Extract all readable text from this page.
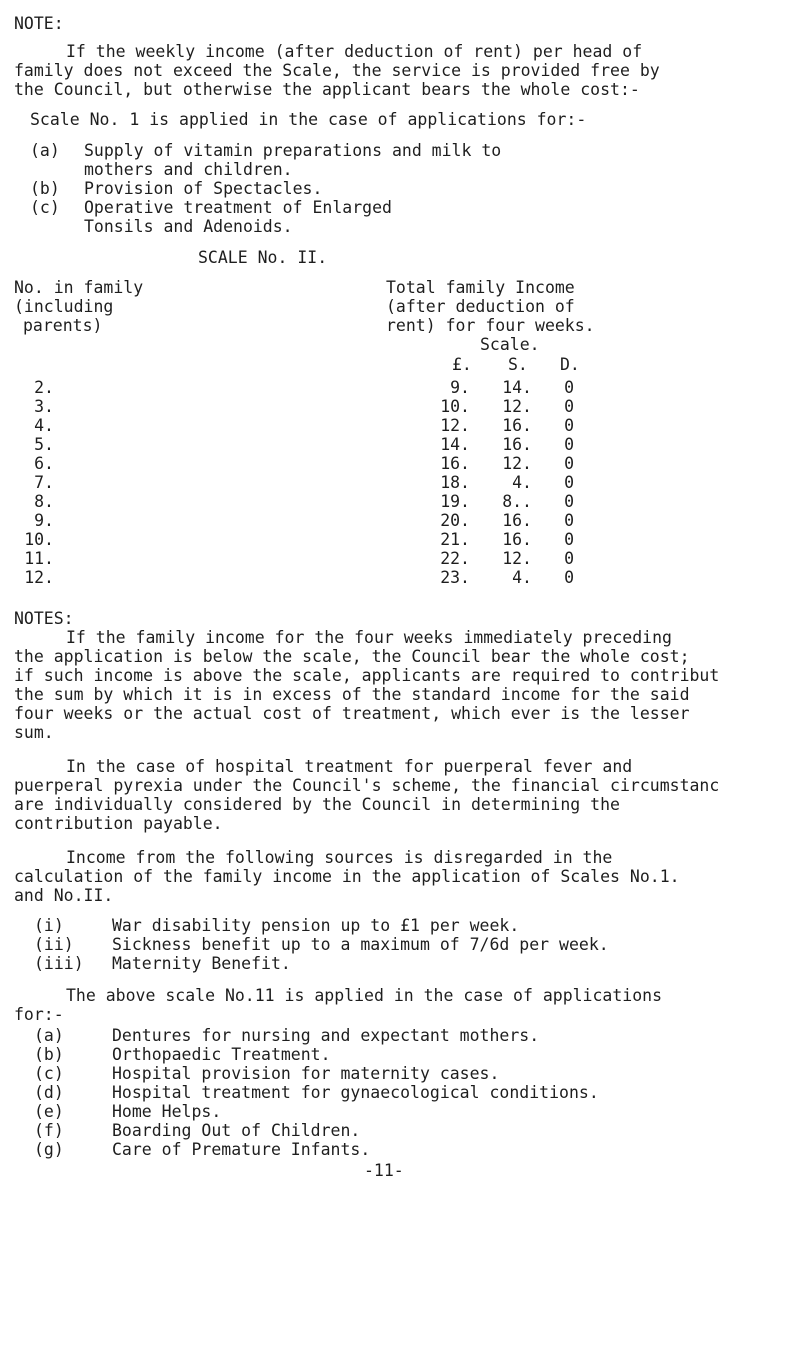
NOTE:
If the weekly income (after deduction of rent) per head of
family does not exceed the Scale, the service is provided free by
the Council, but otherwise the applicant bears the whole cost:-
Scale No. 1 is applied in the case of applications for:-
(a) Supply of vitamin preparations and milk to
mothers and children.
(b) Provision of Spectacles.
(c) Operative treatment of Enlarged
Tonsils and Adenoids.
SCALE No. II.
No. in family
(including
parents)
Total family Income
(after deduction of
rent) for four weeks.
Scale.
£. S. D.
2.	9.	14.	0
3.	10.	12.	0
4.	12.	16.	0
5.	14.	16.	0
6.	16.	12.	0
7.	18.	4.	0
8.	19.	8..	0
9.	20.	16.	0
10.	21.	16.	0
11.	22.	12.	0
12.	23.	4.	0
NOTES:
If the family income for the four weeks immediately preceding
the application is below the scale, the Council bear the whole cost;
if such income is above the scale, applicants are required to contribut
the sum by which it is in excess of the standard income for the said
four weeks or the actual cost of treatment, which ever is the lesser
sum.
In the case of hospital treatment for puerperal fever and
puerperal pyrexia under the Council's scheme, the financial circumstanc
are individually considered by the Council in determining the
contribution payable.
Income from the following sources is disregarded in the
calculation of the family income in the application of Scales No.1.
and No.II.
(i)	War disability pension up to £1 per week.
(ii) Sickness benefit up to a maximum of 7/6d per week.
(iii) Maternity Benefit.
The above scale No.11 is applied in the case of applications
for:-
(a)	Dentures for nursing and expectant mothers.
(b)	Orthopaedic Treatment.
(c)	Hospital provision for maternity cases.
(d)	Hospital treatment for gynaecological conditions.
(e)	Home Helps.
(f)	Boarding Out of Children.
(g)	Care of Premature Infants.
-11-
